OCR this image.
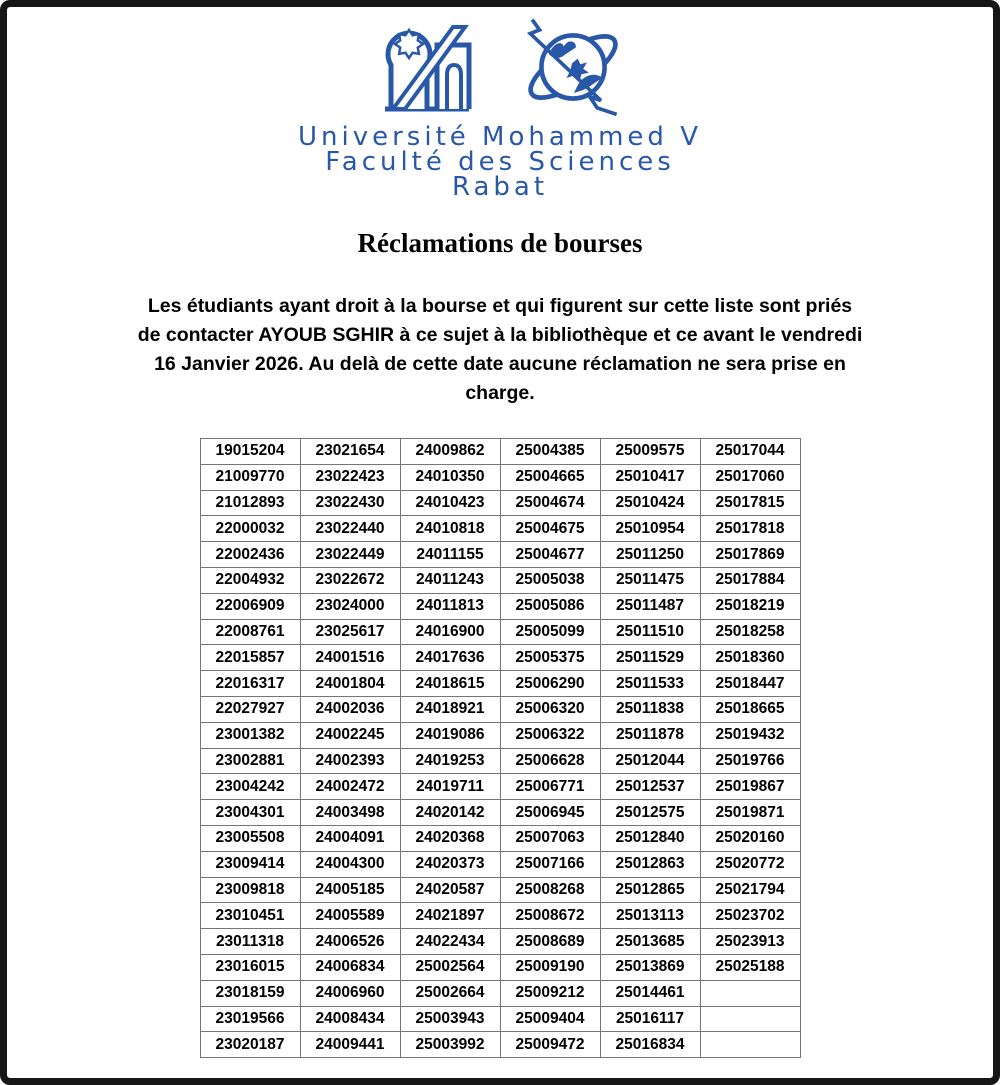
Université Mohammed V
Faculté des Sciences
Rabat
Réclamations de bourses
Les étudiants ayant droit à la bourse et qui figurent sur cette liste sont priés
de contacter AYOUB SGHIR à ce sujet à la bibliothèque et ce avant le vendredi
16 Janvier 2026. Au delà de cette date aucune réclamation ne sera prise en
charge.
19015204	23021654	24009862	25004385	25009575	25017044
21009770	23022423	24010350	25004665	25010417	25017060
21012893	23022430	24010423	25004674	25010424	25017815
22000032	23022440	24010818	25004675	25010954	25017818
22002436	23022449	24011155	25004677	25011250	25017869
22004932	23022672	24011243	25005038	25011475	25017884
22006909	23024000	24011813	25005086	25011487	25018219
22008761	23025617	24016900	25005099	25011510	25018258
22015857	24001516	24017636	25005375	25011529	25018360
22016317	24001804	24018615	25006290	25011533	25018447
22027927	24002036	24018921	25006320	25011838	25018665
23001382	24002245	24019086	25006322	25011878	25019432
23002881	24002393	24019253	25006628	25012044	25019766
23004242	24002472	24019711	25006771	25012537	25019867
23004301	24003498	24020142	25006945	25012575	25019871
23005508	24004091	24020368	25007063	25012840	25020160
23009414	24004300	24020373	25007166	25012863	25020772
23009818	24005185	24020587	25008268	25012865	25021794
23010451	24005589	24021897	25008672	25013113	25023702
23011318	24006526	24022434	25008689	25013685	25023913
23016015	24006834	25002564	25009190	25013869	25025188
23018159	24006960	25002664	25009212	25014461	
23019566	24008434	25003943	25009404	25016117	
23020187	24009441	25003992	25009472	25016834	
